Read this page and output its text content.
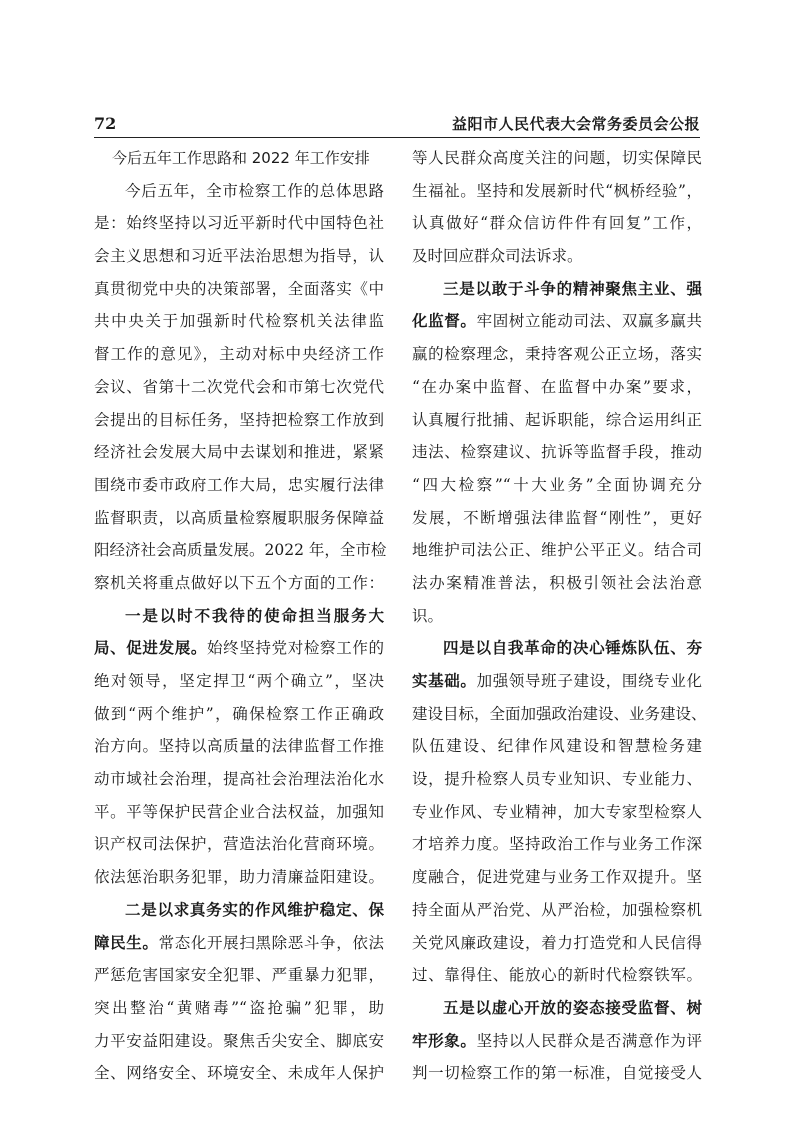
72	益阳市人民代表大会常务委员会公报
今后五年工作思路和 2022 年工作安排
今后五年，全市检察工作的总体思路
是：始终坚持以习近平新时代中国特色社
会主义思想和习近平法治思想为指导，认
真贯彻党中央的决策部署，全面落实《中
共中央关于加强新时代检察机关法律监
督工作的意见》，主动对标中央经济工作
会议、省第十二次党代会和市第七次党代
会提出的目标任务，坚持把检察工作放到
经济社会发展大局中去谋划和推进，紧紧
围绕市委市政府工作大局，忠实履行法律
监督职责，以高质量检察履职服务保障益
阳经济社会高质量发展。2022 年，全市检
察机关将重点做好以下五个方面的工作：
一是以时不我待的使命担当服务大
局、促进发展。始终坚持党对检察工作的
绝对领导，坚定捍卫“两个确立”，坚决
做到“两个维护”，确保检察工作正确政
治方向。坚持以高质量的法律监督工作推
动市域社会治理，提高社会治理法治化水
平。平等保护民营企业合法权益，加强知
识产权司法保护，营造法治化营商环境。
依法惩治职务犯罪，助力清廉益阳建设。
二是以求真务实的作风维护稳定、保
障民生。常态化开展扫黑除恶斗争，依法
严惩危害国家安全犯罪、严重暴力犯罪，
突出整治“黄赌毒”“盗抢骗”犯罪，助
力平安益阳建设。聚焦舌尖安全、脚底安
全、网络安全、环境安全、未成年人保护
等人民群众高度关注的问题，切实保障民
生福祉。坚持和发展新时代“枫桥经验”，
认真做好“群众信访件件有回复”工作，
及时回应群众司法诉求。
三是以敢于斗争的精神聚焦主业、强
化监督。牢固树立能动司法、双赢多赢共
赢的检察理念，秉持客观公正立场，落实
“在办案中监督、在监督中办案”要求，
认真履行批捕、起诉职能，综合运用纠正
违法、检察建议、抗诉等监督手段，推动
“四大检察”“十大业务”全面协调充分
发展，不断增强法律监督“刚性”，更好
地维护司法公正、维护公平正义。结合司
法办案精准普法，积极引领社会法治意
识。
四是以自我革命的决心锤炼队伍、夯
实基础。加强领导班子建设，围绕专业化
建设目标，全面加强政治建设、业务建设、
队伍建设、纪律作风建设和智慧检务建
设，提升检察人员专业知识、专业能力、
专业作风、专业精神，加大专家型检察人
才培养力度。坚持政治工作与业务工作深
度融合，促进党建与业务工作双提升。坚
持全面从严治党、从严治检，加强检察机
关党风廉政建设，着力打造党和人民信得
过、靠得住、能放心的新时代检察铁军。
五是以虚心开放的姿态接受监督、树
牢形象。坚持以人民群众是否满意作为评
判一切检察工作的第一标准，自觉接受人
